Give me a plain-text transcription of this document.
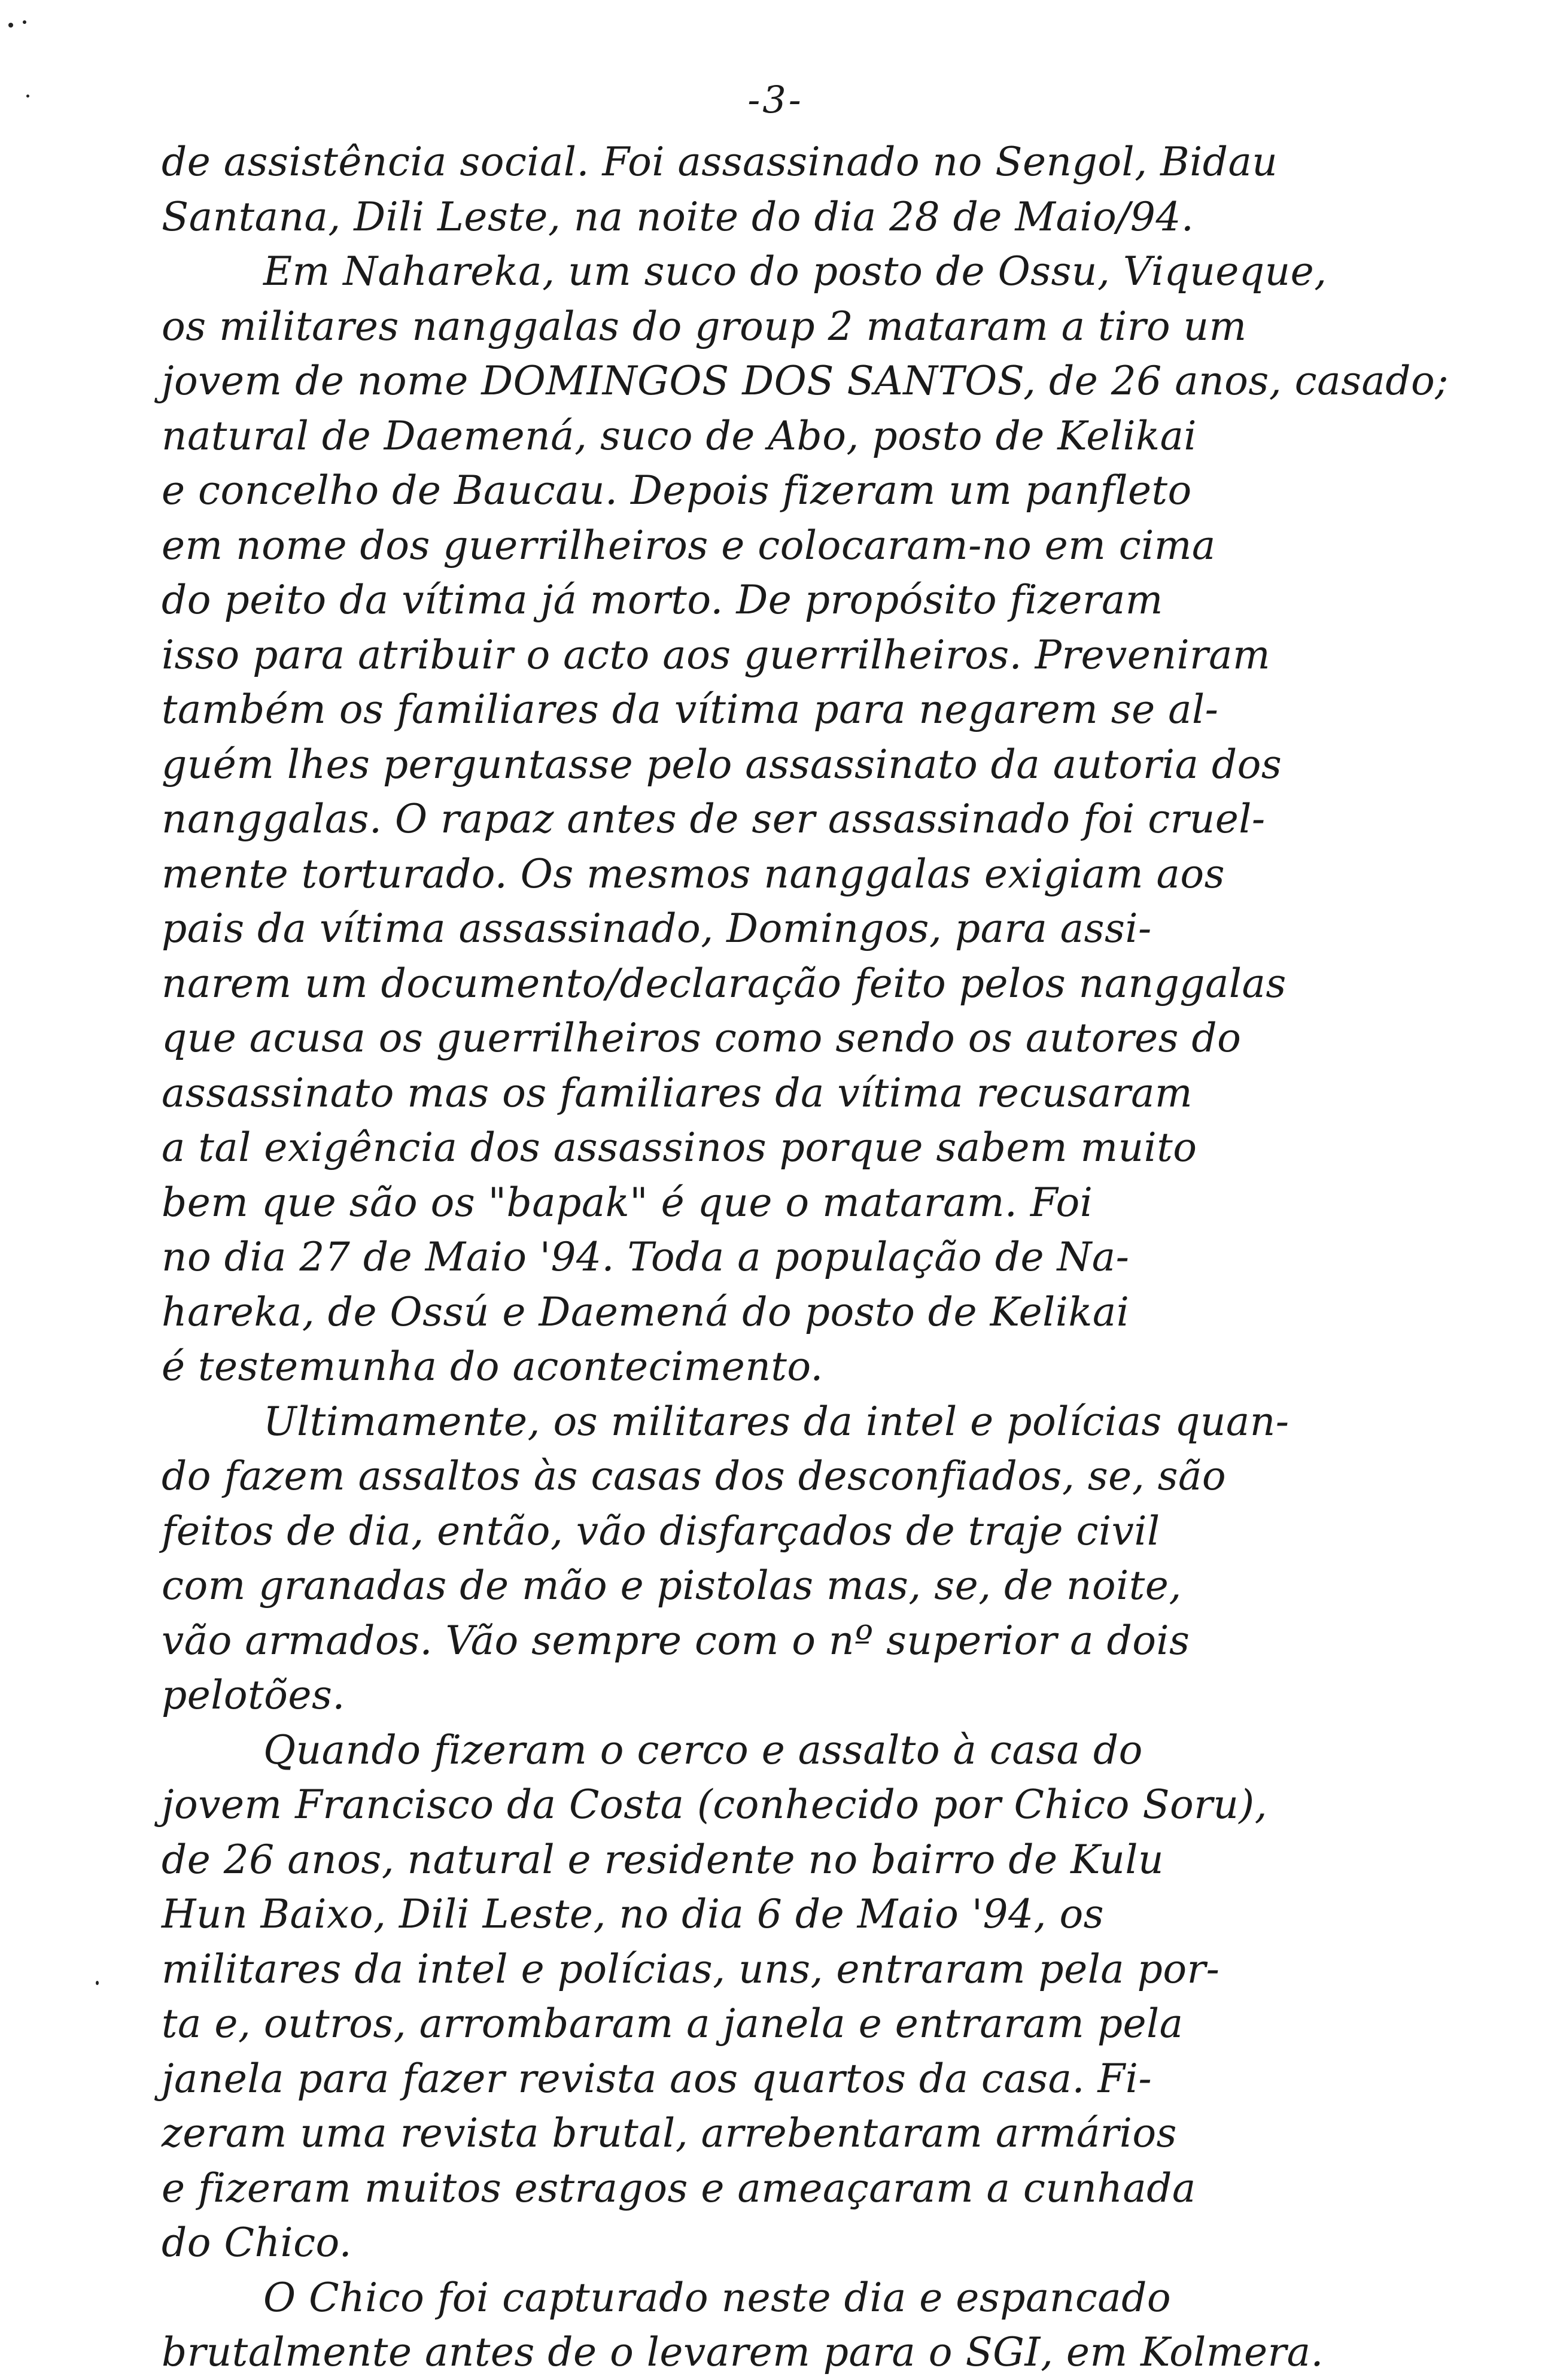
-3-
de assistência social. Foi assassinado no Sengol, Bidau
Santana, Dili Leste, na noite do dia 28 de Maio/94.
Em Nahareka, um suco do posto de Ossu, Viqueque,
os militares nanggalas do group 2 mataram a tiro um
jovem de nome DOMINGOS DOS SANTOS, de 26 anos, casado;
natural de Daemená, suco de Abo, posto de Kelikai
e concelho de Baucau. Depois fizeram um panfleto
em nome dos guerrilheiros e colocaram-no em cima
do peito da vítima já morto. De propósito fizeram
isso para atribuir o acto aos guerrilheiros. Preveniram
também os familiares da vítima para negarem se al-
guém lhes perguntasse pelo assassinato da autoria dos
nanggalas. O rapaz antes de ser assassinado foi cruel-
mente torturado. Os mesmos nanggalas exigiam aos
pais da vítima assassinado, Domingos, para assi-
narem um documento/declaração feito pelos nanggalas
que acusa os guerrilheiros como sendo os autores do
assassinato mas os familiares da vítima recusaram
a tal exigência dos assassinos porque sabem muito
bem que são os "bapak" é que o mataram. Foi
no dia 27 de Maio '94. Toda a população de Na-
hareka, de Ossú e Daemená do posto de Kelikai
é testemunha do acontecimento.
Ultimamente, os militares da intel e polícias quan-
do fazem assaltos às casas dos desconfiados, se, são
feitos de dia, então, vão disfarçados de traje civil
com granadas de mão e pistolas mas, se, de noite,
vão armados. Vão sempre com o nº superior a dois
pelotões.
Quando fizeram o cerco e assalto à casa do
jovem Francisco da Costa (conhecido por Chico Soru),
de 26 anos, natural e residente no bairro de Kulu
Hun Baixo, Dili Leste, no dia 6 de Maio '94, os
militares da intel e polícias, uns, entraram pela por-
ta e, outros, arrombaram a janela e entraram pela
janela para fazer revista aos quartos da casa. Fi-
zeram uma revista brutal, arrebentaram armários
e fizeram muitos estragos e ameaçaram a cunhada
do Chico.
O Chico foi capturado neste dia e espancado
brutalmente antes de o levarem para o SGI, em Kolmera.
